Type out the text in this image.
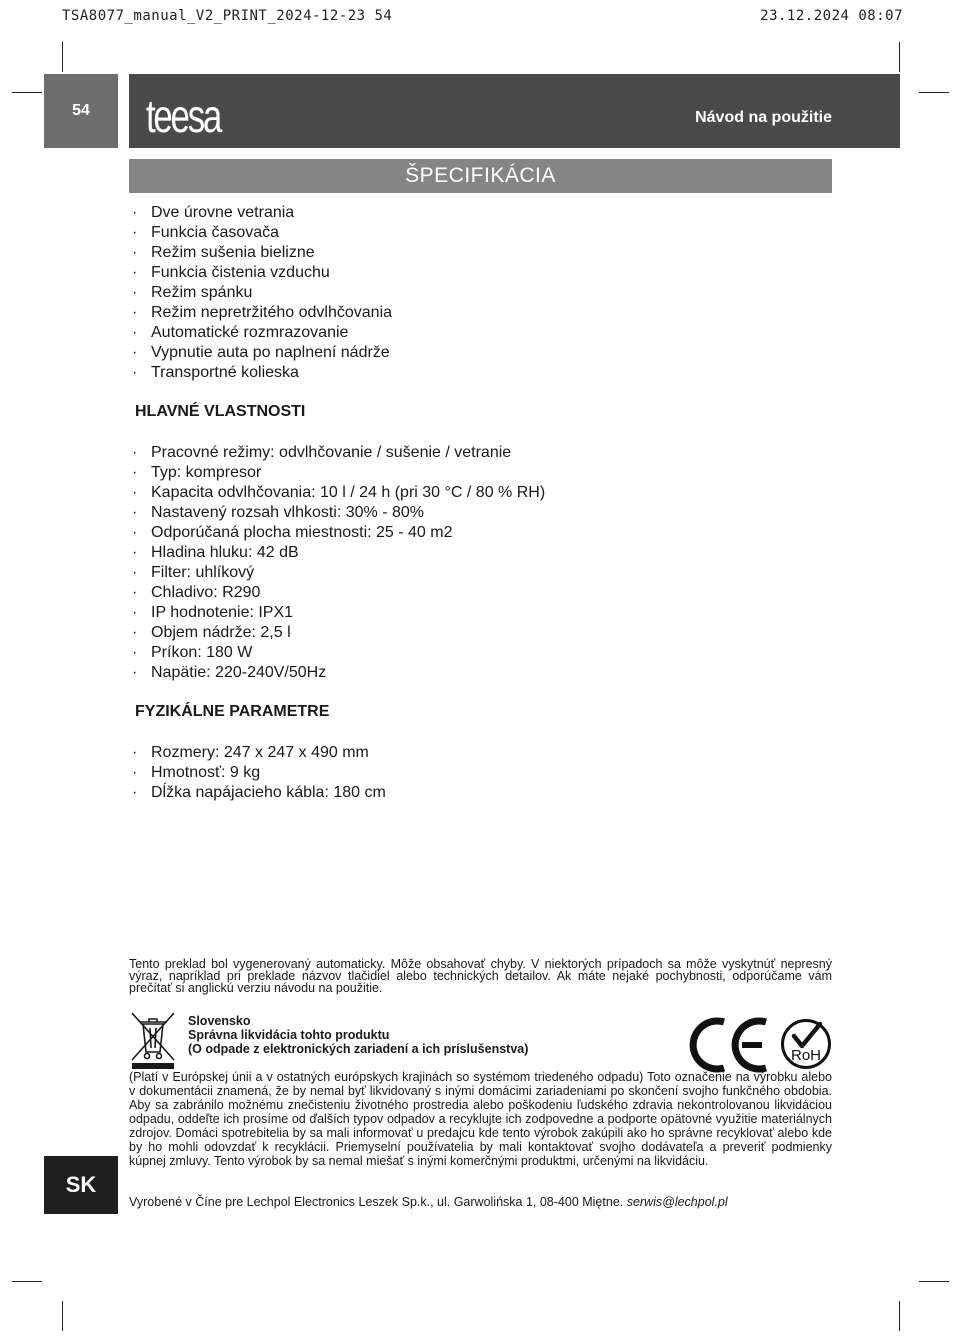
TSA8077_manual_V2_PRINT_2024-12-23 54	23.12.2024 08:07
54 teesa	Návod na použitie
ŠPECIFIKÁCIA
· Dve úrovne vetrania
· Funkcia časovača
· Režim sušenia bielizne
· Funkcia čistenia vzduchu
· Režim spánku
· Režim nepretržitého odvlhčovania
· Automatické rozmrazovanie
· Vypnutie auta po naplnení nádrže
· Transportné kolieska
HLAVNÉ VLASTNOSTI
· Pracovné režimy: odvlhčovanie / sušenie / vetranie
· Typ: kompresor
· Kapacita odvlhčovania: 10 l / 24 h (pri 30 °C / 80 % RH)
· Nastavený rozsah vlhkosti: 30% - 80%
· Odporúčaná plocha miestnosti: 25 - 40 m2
· Hladina hluku: 42 dB
· Filter: uhlíkový
· Chladivo: R290
· IP hodnotenie: IPX1
· Objem nádrže: 2,5 l
· Príkon: 180 W
· Napätie: 220-240V/50Hz
FYZIKÁLNE PARAMETRE
· Rozmery: 247 x 247 x 490 mm
· Hmotnosť: 9 kg
· Dĺžka napájacieho kábla: 180 cm
Tento preklad bol vygenerovaný automaticky. Môže obsahovať chyby. V niektorých prípadoch sa môže vyskytnúť nepresný výraz, napríklad pri preklade názvov tlačidiel alebo technických detailov. Ak máte nejaké pochybnosti, odporúčame vám prečítať si anglickú verziu návodu na použitie.
Slovensko
Správna likvidácia tohto produktu
(O odpade z elektronických zariadení a ich príslušenstva)	RoH
(Platí v Európskej únii a v ostatných európskych krajinách so systémom triedeného odpadu) Toto označenie na výrobku alebo v dokumentácii znamená, že by nemal byť likvidovaný s inými domácimi zariadeniami po skončení svojho funkčného obdobia. Aby sa zabránilo možnému znečisteniu životného prostredia alebo poškodeniu ľudského zdravia nekontrolovanou likvidáciou odpadu, oddeľte ich prosíme od ďalších typov odpadov a recyklujte ich zodpovedne a podporte opätovné využitie materiálnych zdrojov. Domáci spotrebitelia by sa mali informovať u predajcu kde tento výrobok zakúpili ako ho správne recyklovať alebo kde by ho mohli odovzdať k recyklácii. Priemyselní používatelia by mali kontaktovať svojho dodávateľa a preveriť podmienky kúpnej zmluvy. Tento výrobok by sa nemal miešať s inými komerčnými produktmi, určenými na likvidáciu.
SK
Vyrobené v Číne pre Lechpol Electronics Leszek Sp.k., ul. Garwolińska 1, 08-400 Miętne. serwis@lechpol.pl
